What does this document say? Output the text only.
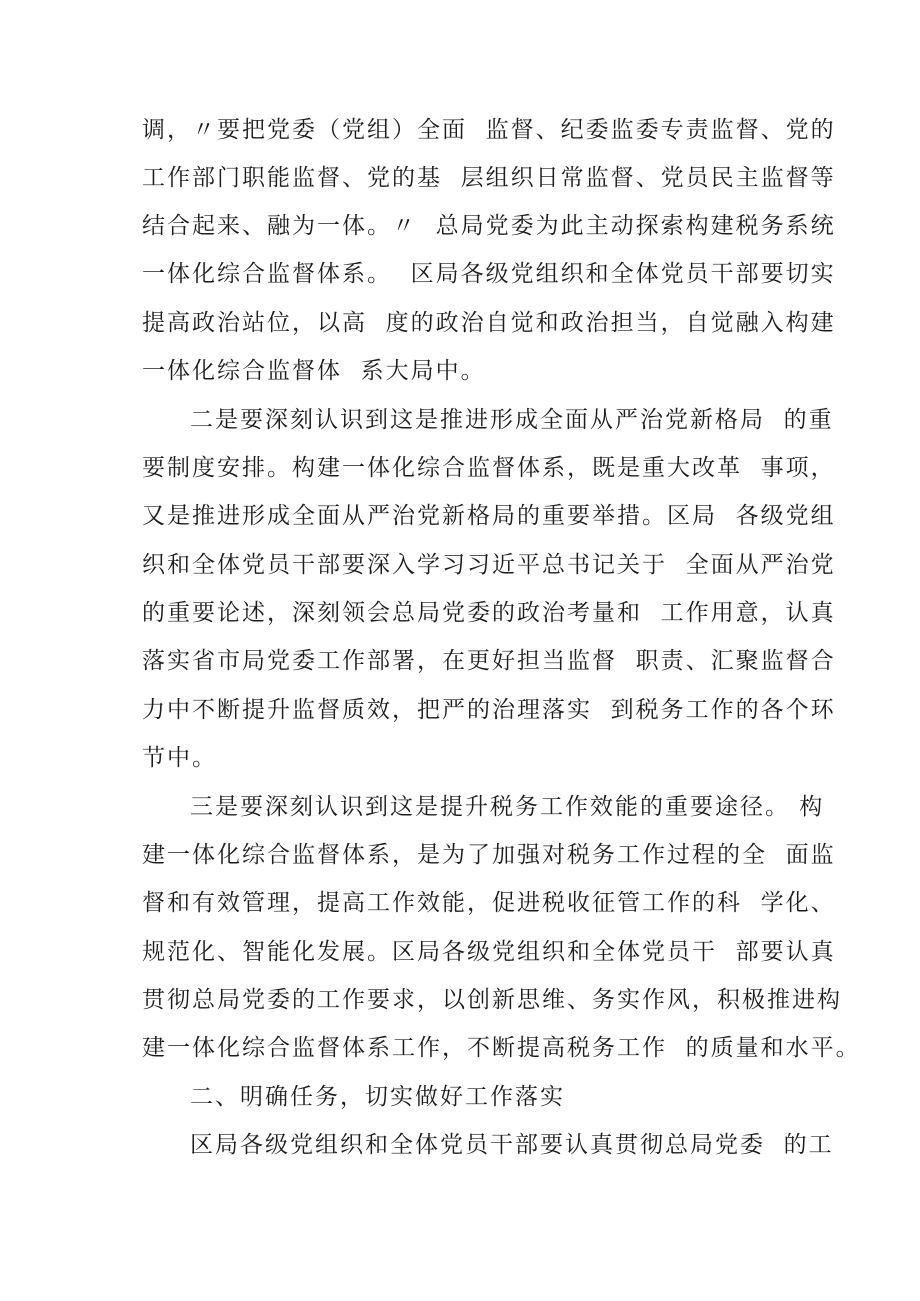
调，〃要把党委（党组）全面  监督、纪委监委专责监督、党的
工作部门职能监督、党的基  层组织日常监督、党员民主监督等
结合起来、融为一体。〃  总局党委为此主动探索构建税务系统
一体化综合监督体系。  区局各级党组织和全体党员干部要切实
提高政治站位，以高  度的政治自觉和政治担当，自觉融入构建
一体化综合监督体  系大局中。
二是要深刻认识到这是推进形成全面从严治党新格局  的重
要制度安排。构建一体化综合监督体系，既是重大改革  事项，
又是推进形成全面从严治党新格局的重要举措。区局  各级党组
织和全体党员干部要深入学习习近平总书记关于  全面从严治党
的重要论述，深刻领会总局党委的政治考量和  工作用意，认真
落实省市局党委工作部署，在更好担当监督  职责、汇聚监督合
力中不断提升监督质效，把严的治理落实  到税务工作的各个环
节中。
三是要深刻认识到这是提升税务工作效能的重要途径。 构
建一体化综合监督体系，是为了加强对税务工作过程的全  面监
督和有效管理，提高工作效能，促进税收征管工作的科  学化、
规范化、智能化发展。区局各级党组织和全体党员干  部要认真
贯彻总局党委的工作要求，以创新思维、务实作风，积极推进构
建一体化综合监督体系工作，不断提高税务工作  的质量和水平。
二、明确任务，切实做好工作落实
区局各级党组织和全体党员干部要认真贯彻总局党委  的工
